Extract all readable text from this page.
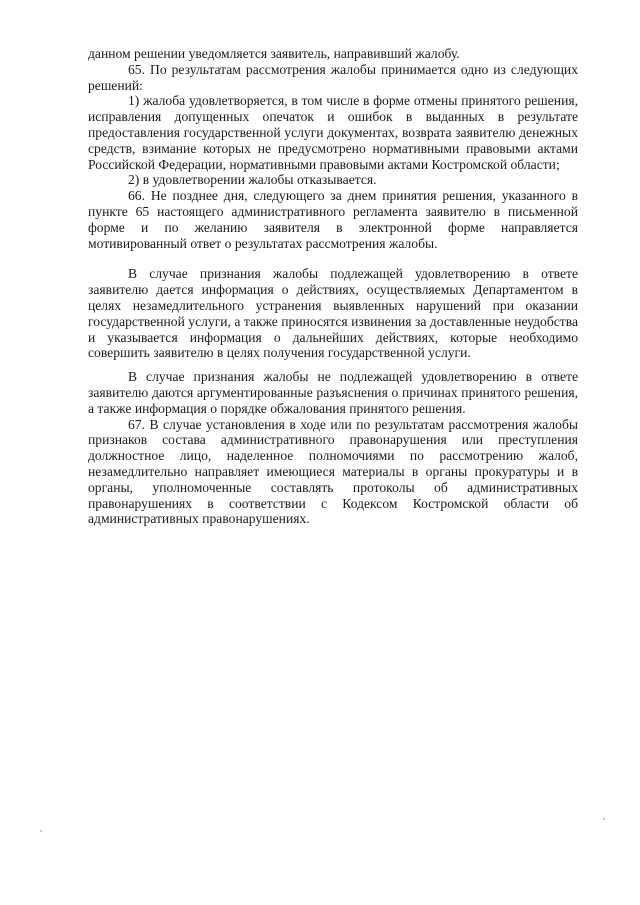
данном решении уведомляется заявитель, направивший жалобу.

65. По результатам рассмотрения жалобы принимается одно из следующих решений:

1) жалоба удовлетворяется, в том числе в форме отмены принятого решения, исправления допущенных опечаток и ошибок в выданных в результате предоставления государственной услуги документах, возврата заявителю денежных средств, взимание которых не предусмотрено нормативными правовыми актами Российской Федерации, нормативными правовыми актами Костромской области;

2) в удовлетворении жалобы отказывается.

66. Не позднее дня, следующего за днем принятия решения, указанного в пункте 65 настоящего административного регламента заявителю в письменной форме и по желанию заявителя в электронной форме направляется мотивированный ответ о результатах рассмотрения жалобы.

В случае признания жалобы подлежащей удовлетворению в ответе заявителю дается информация о действиях, осуществляемых Департаментом в целях незамедлительного устранения выявленных нарушений при оказании государственной услуги, а также приносятся извинения за доставленные неудобства и указывается информация о дальнейших действиях, которые необходимо совершить заявителю в целях получения государственной услуги.

В случае признания жалобы не подлежащей удовлетворению в ответе заявителю даются аргументированные разъяснения о причинах принятого решения, а также информация о порядке обжалования принятого решения.

67. В случае установления в ходе или по результатам рассмотрения жалобы признаков состава административного правонарушения или преступления должностное лицо, наделенное полномочиями по рассмотрению жалоб, незамедлительно направляет имеющиеся материалы в органы прокуратуры и в органы, уполномоченные составлять протоколы об административных правонарушениях в соответствии с Кодексом Костромской области об административных правонарушениях.
